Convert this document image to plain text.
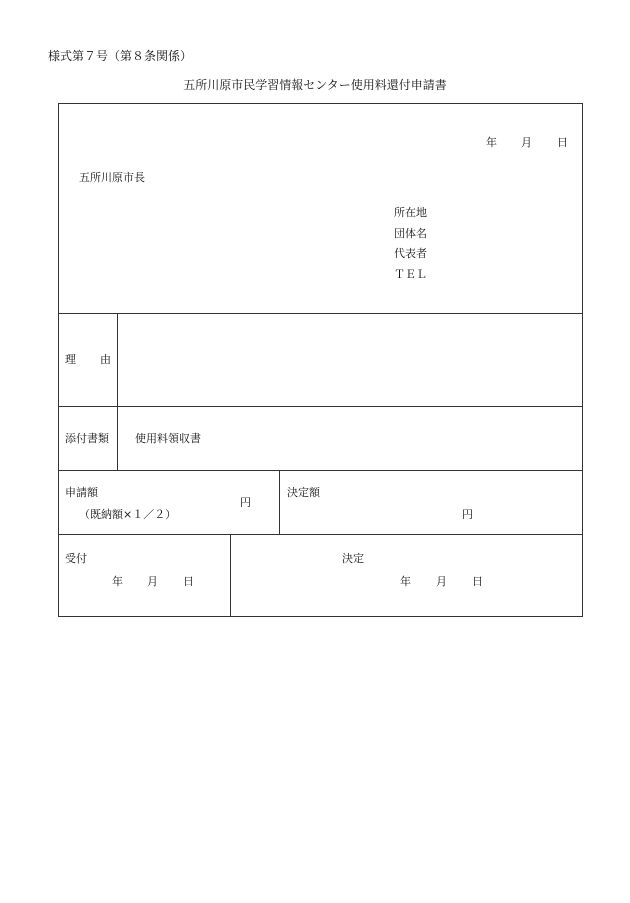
様式第７号（第８条関係）
五所川原市民学習情報センター使用料還付申請書
年 月 日
五所川原市長
所在地
団体名
代表者
ＴＥＬ
理 由
添付書類 使用料領収書
申請額
円
（既納額×１／２）
決定額
円
受付
年 月 日
決定
年 月 日
